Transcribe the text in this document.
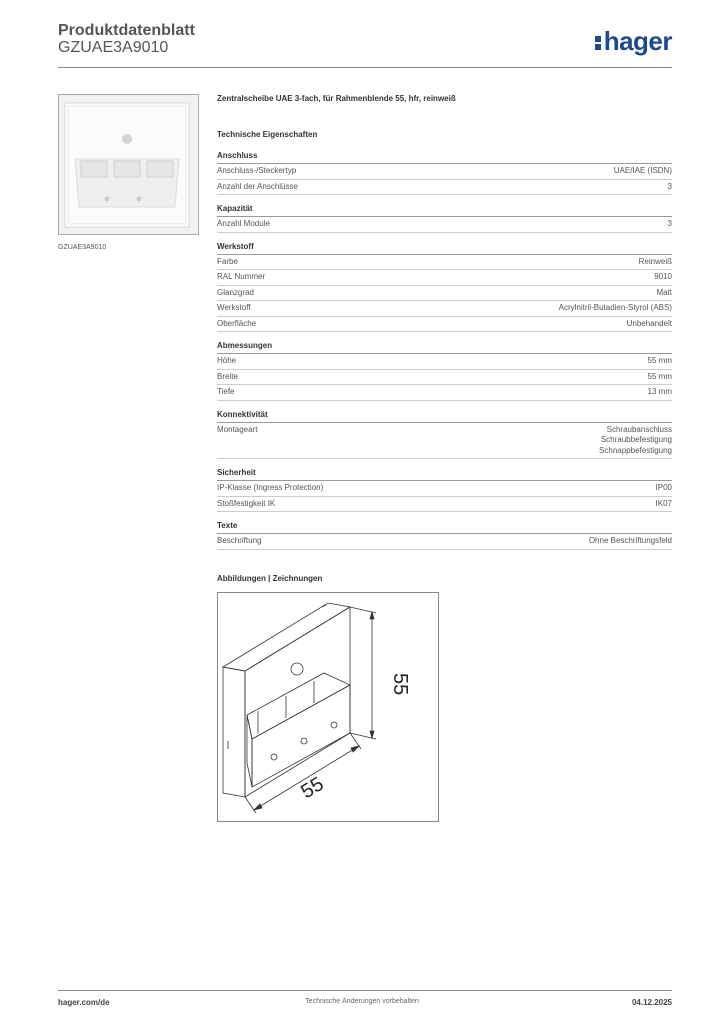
Produktdatenblatt
GZUAE3A9010	hager
GZUAE3A9010
Zentralscheibe UAE 3-fach, für Rahmenblende 55, hfr, reinweiß
Technische Eigenschaften
Anschluss
Anschluss-/Steckertyp	UAE/IAE (ISDN)
Anzahl der Anschlüsse	3
Kapazität
Anzahl Module	3
Werkstoff
Farbe	Reinweiß
RAL Nummer	9010
Glanzgrad	Matt
Werkstoff	Acrylnitril-Butadien-Styrol (ABS)
Oberfläche	Unbehandelt
Abmessungen
Höhe	55 mm
Breite	55 mm
Tiefe	13 mm
Konnektivität
Montageart	Schraubanschluss
Schraubbefestigung
Schnappbefestigung
Sicherheit
IP-Klasse (Ingress Protection)	IP00
Stoßfestigkeit IK	IK07
Texte
Beschriftung	Ohne Beschriftungsfeld
Abbildungen | Zeichnungen
55
55
hager.com/de	Technische Änderungen vorbehalten	04.12.2025
